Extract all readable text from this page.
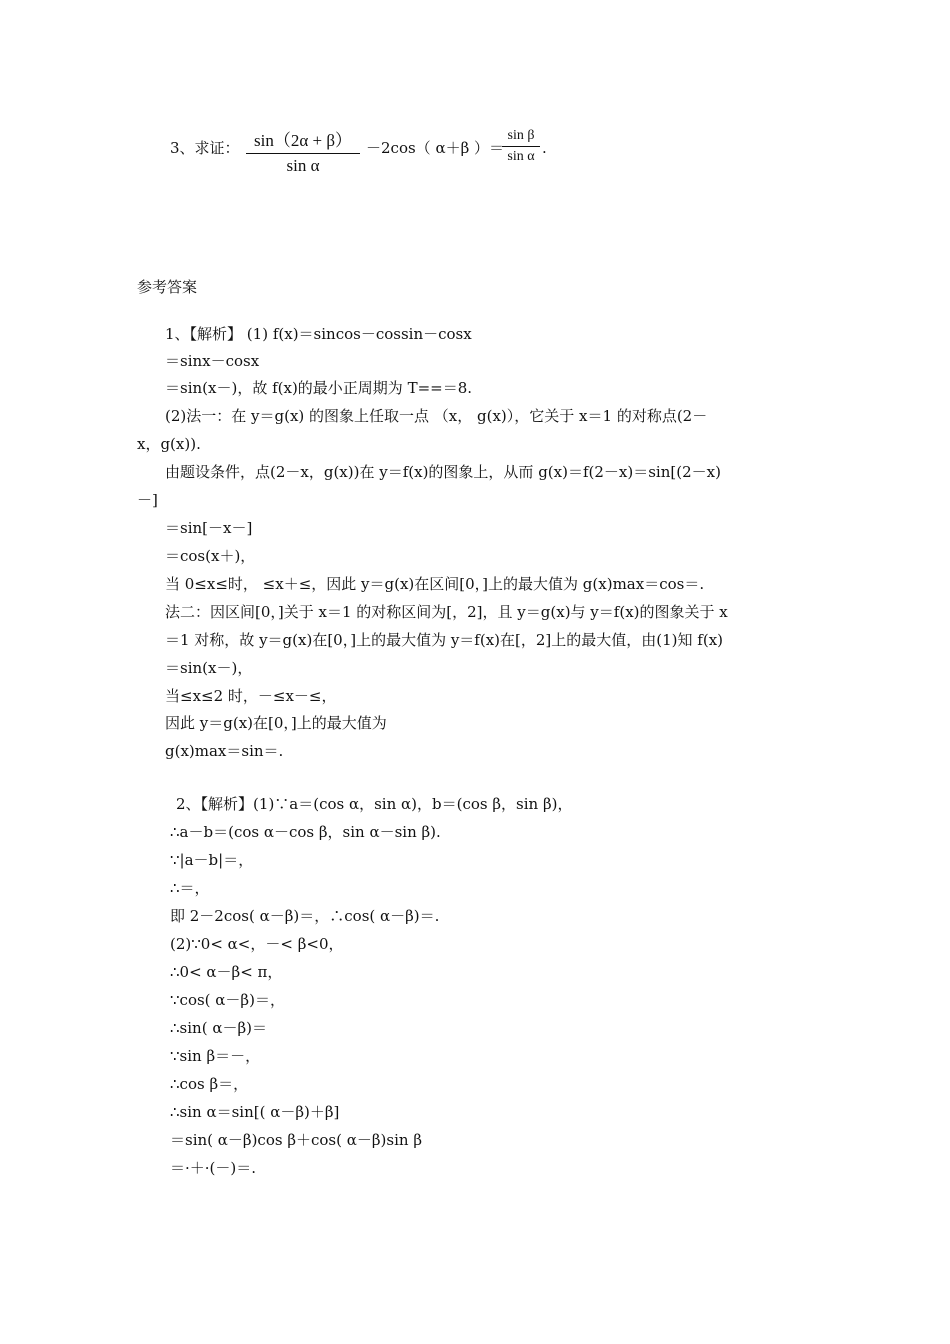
3、求证： sin（2α + β）
sin α
－2cos（ α＋β ）＝
sin β
sin α .
参考答案
1、【解析】 (1) f(x)＝sincos－cossin－cosx
＝sinx－cosx
＝sin(x－)，故 f(x)的最小正周期为 T==＝8.
(2)法一：在 y＝g(x) 的图象上任取一点 （x， g(x)），它关于 x＝1 的对称点(2－
x，g(x)).
由题设条件，点(2－x，g(x))在 y＝f(x)的图象上，从而 g(x)＝f(2－x)＝sin[(2－x)
－]
＝sin[－x－]
＝cos(x＋)，
当 0≤x≤时， ≤x＋≤，因此 y＝g(x)在区间[0，]上的最大值为 g(x)max＝cos＝.
法二：因区间[0，]关于 x＝1 的对称区间为[，2]，且 y＝g(x)与 y＝f(x)的图象关于 x
＝1 对称，故 y＝g(x)在[0，]上的最大值为 y＝f(x)在[，2]上的最大值，由(1)知 f(x)
＝sin(x－)，
当≤x≤2 时，－≤x－≤，
因此 y＝g(x)在[0，]上的最大值为
g(x)max＝sin＝.
2、【解析】(1)∵a＝(cos α，sin α)，b＝(cos β，sin β)，
∴a－b＝(cos α－cos β，sin α－sin β).
∵|a－b|＝，
∴＝，
即 2－2cos( α－β)＝，∴cos( α－β)＝.
(2)∵0< α<，－< β<0，
∴0< α－β< π，
∵cos( α－β)＝，
∴sin( α－β)＝
∵sin β＝－，
∴cos β＝，
∴sin α＝sin[( α－β)＋β]
＝sin( α－β)cos β＋cos( α－β)sin β
＝·＋·(－)＝.
